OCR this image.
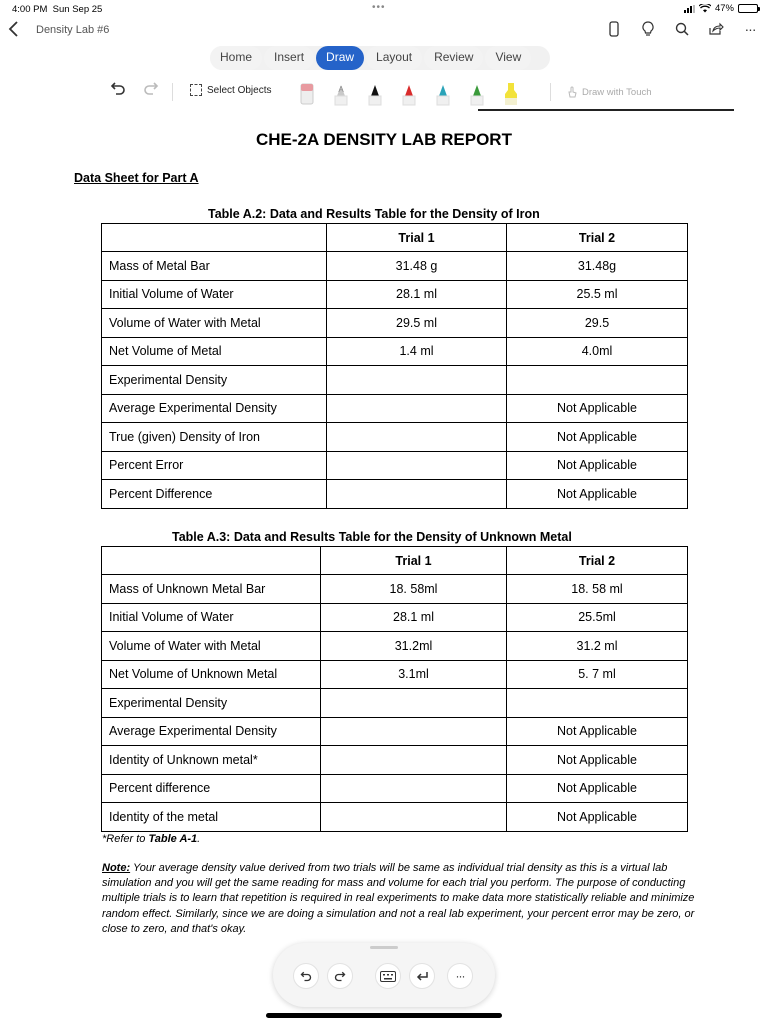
4:00 PM Sun Sep 25	•••	47%
Density Lab #6	···
Home	Insert	Draw	Layout	Review	View
Select Objects	A	Draw with Touch
CHE-2A DENSITY LAB REPORT
Data Sheet for Part A
Table A.2: Data and Results Table for the Density of Iron
	Trial 1	Trial 2
Mass of Metal Bar	31.48 g	31.48g
Initial Volume of Water	28.1 ml	25.5 ml
Volume of Water with Metal	29.5 ml	29.5
Net Volume of Metal	1.4 ml	4.0ml
Experimental Density		
Average Experimental Density		Not Applicable
True (given) Density of Iron		Not Applicable
Percent Error		Not Applicable
Percent Difference		Not Applicable
Table A.3: Data and Results Table for the Density of Unknown Metal
	Trial 1	Trial 2
Mass of Unknown Metal Bar	18. 58ml	18. 58 ml
Initial Volume of Water	28.1 ml	25.5ml
Volume of Water with Metal	31.2ml	31.2 ml
Net Volume of Unknown Metal	3.1ml	5. 7 ml
Experimental Density		
Average Experimental Density		Not Applicable
Identity of Unknown metal*		Not Applicable
Percent difference		Not Applicable
Identity of the metal		Not Applicable
*Refer to Table A-1.
Note: Your average density value derived from two trials will be same as individual trial density as this is a virtual lab simulation and you will get the same reading for mass and volume for each trial you perform. The purpose of conducting multiple trials is to learn that repetition is required in real experiments to make data more statistically reliable and minimize random effect. Similarly, since we are doing a simulation and not a real lab experiment, your percent error may be zero, or close to zero, and that's okay.
···
